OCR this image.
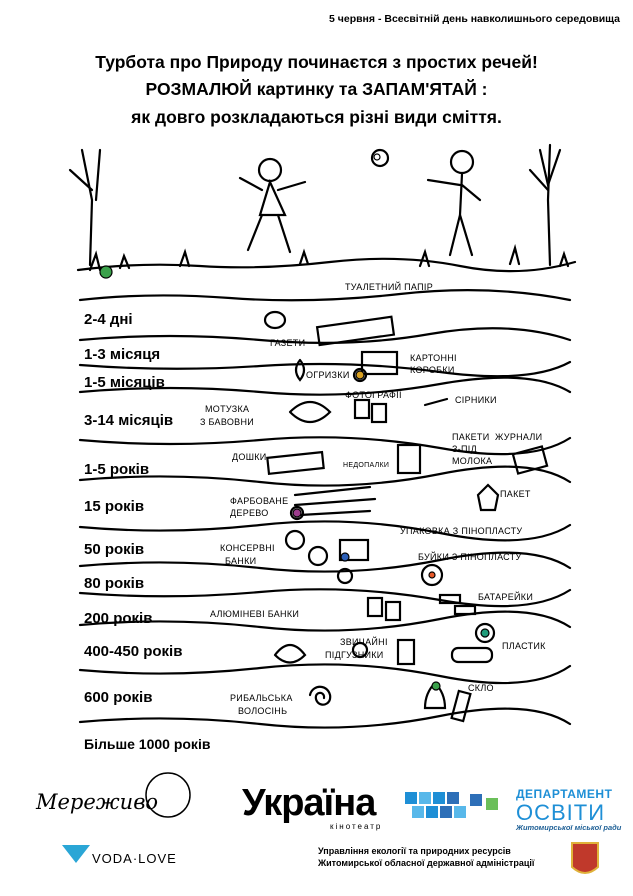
5 червня - Всесвітній день навколишнього середовища
Турбота про Природу починаєтся з простих речей!
РОЗМАЛЮЙ картинку та ЗАПАМ'ЯТАЙ :
як довго розкладаються різні види сміття.
2-4 дні
1-3 місяця
1-5 місяців
3-14 місяців
1-5 років
15 років
50 років
80 років
200 років
400-450 років
600 років
Більше 1000 років
ТУАЛЕТНИЙ ПАПІР
ГАЗЕТИ
КАРТОННІ
КОРОБКИ
ОГРИЗКИ
МОТУЗКА
З БАВОВНИ
ФОТОГРАФІЇ	СІРНИКИ
ДОШКИ
НЕДОПАЛКИ
ПАКЕТИ
З-ПІД
МОЛОКА
ЖУРНАЛИ
ПАКЕТ
ФАРБОВАНЕ
ДЕРЕВО
УПАКОВКА З ПІНОПЛАСТУ
КОНСЕРВНІ
БАНКИ	БУЙКИ З ПІНОПЛАСТУ
БАТАРЕЙКИ
АЛЮМІНЕВІ БАНКИ
ЗВИЧАЙНІ
ПІДГУЗНИКИ
ПЛАСТИК
РИБАЛЬСЬКА
ВОЛОСІНЬ
СКЛО
Мереживо Україна
кінотеатр
VODA·LOVE
ДЕПАРТАМЕНТ
ОСВІТИ
Житомирської міської ради
Управління екології та природних ресурсів
Житомирської обласної державної адміністрації
